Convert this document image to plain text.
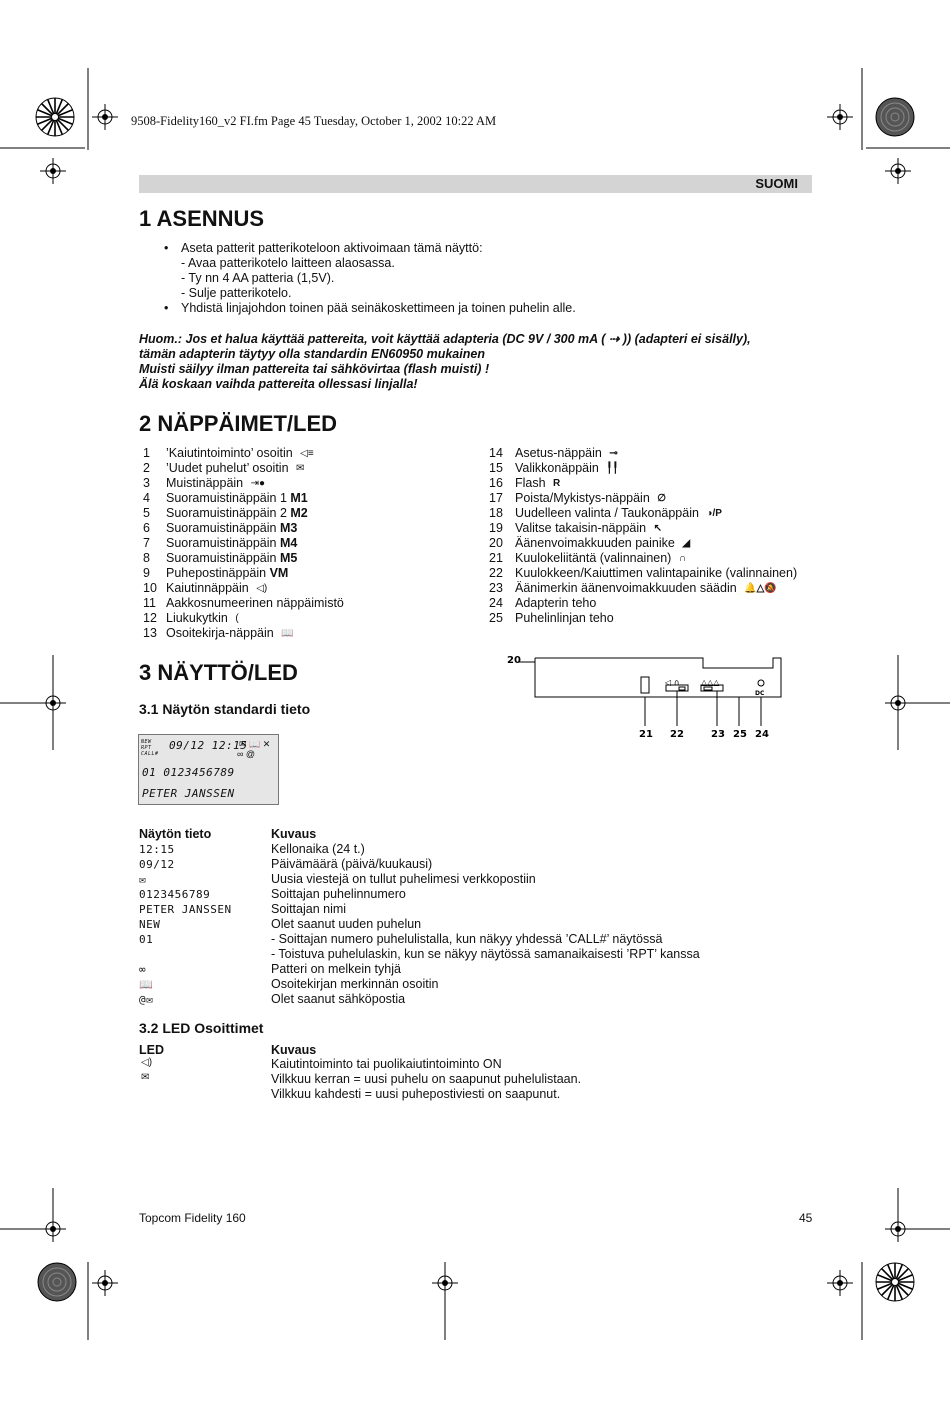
9508-Fidelity160_v2 FI.fm Page 45 Tuesday, October 1, 2002 10:22 AM
SUOMI
1 ASENNUS
• Aseta patterit patterikoteloon aktivoimaan tämä näyttö:
- Avaa patterikotelo laitteen alaosassa.
- Ty nn 4 AA patteria (1,5V).
- Sulje patterikotelo.
• Yhdistä linjajohdon toinen pää seinäkoskettimeen ja toinen puhelin alle.
Huom.: Jos et halua käyttää pattereita, voit käyttää adapteria (DC 9V / 300 mA ( ⇢ )) (adapteri ei sisälly),
tämän adapterin täytyy olla standardin EN60950 mukainen
Muisti säilyy ilman pattereita tai sähkövirtaa (flash muisti) !
Älä koskaan vaihda pattereita ollessasi linjalla!
2 NÄPPÄIMET/LED
1 ’Kaiutintoiminto’ osoitin ◁≡
2 ’Uudet puhelut’ osoitin ✉
3 Muistinäppäin ⇥●
4 Suoramuistinäppäin 1 M1
5 Suoramuistinäppäin 2 M2
6 Suoramuistinäppäin M3
7 Suoramuistinäppäin M4
8 Suoramuistinäppäin M5
9 Puhepostinäppäin VM
10 Kaiutinnäppäin ◁)
11 Aakkosnumeerinen näppäimistö
12 Liukukytkin (
13 Osoitekirja-näppäin 📖
14 Asetus-näppäin ⊸
15 Valikkonäppäin ╿╿
16 Flash R
17 Poista/Mykistys-näppäin ∅
18 Uudelleen valinta / Taukonäppäin ◑/P
19 Valitse takaisin-näppäin ↖
20 Äänenvoimakkuuden painike ◢
21 Kuulokeliitäntä (valinnainen) ∩
22 Kuulokkeen/Kaiuttimen valintapainike (valinnainen)
23 Äänimerkin äänenvoimakkuuden säädin 🔔△🔕
24 Adapterin teho
25 Puhelinlinjan teho
3 NÄYTTÖ/LED
3.1 Näytön standardi tieto
◁ ∩	△△△
DC
20
21 22	23 25 24
NEW
RPT
CALL#
09/12 12:15
✉ 📖 ✕
∞ @
01 0123456789
PETER JANSSEN
Näytön tieto	Kuvaus
12:15	Kellonaika (24 t.)
09/12	Päivämäärä (päivä/kuukausi)
✉	Uusia viestejä on tullut puhelimesi verkkopostiin
0123456789	Soittajan puhelinnumero
PETER JANSSEN	Soittajan nimi
NEW	Olet saanut uuden puhelun
01	- Soittajan numero puhelulistalla, kun näkyy yhdessä ’CALL#’ näytössä
- Toistuva puhelulaskin, kun se näkyy näytössä samanaikaisesti ’RPT’ kanssa
∞	Patteri on melkein tyhjä
📖	Osoitekirjan merkinnän osoitin
@✉	Olet saanut sähköpostia
3.2 LED Osoittimet
LED	Kuvaus
◁)	Kaiutintoiminto tai puolikaiutintoiminto ON
✉	Vilkkuu kerran = uusi puhelu on saapunut puhelulistaan.
Vilkkuu kahdesti = uusi puhepostiviesti on saapunut.
Topcom Fidelity 160	45
